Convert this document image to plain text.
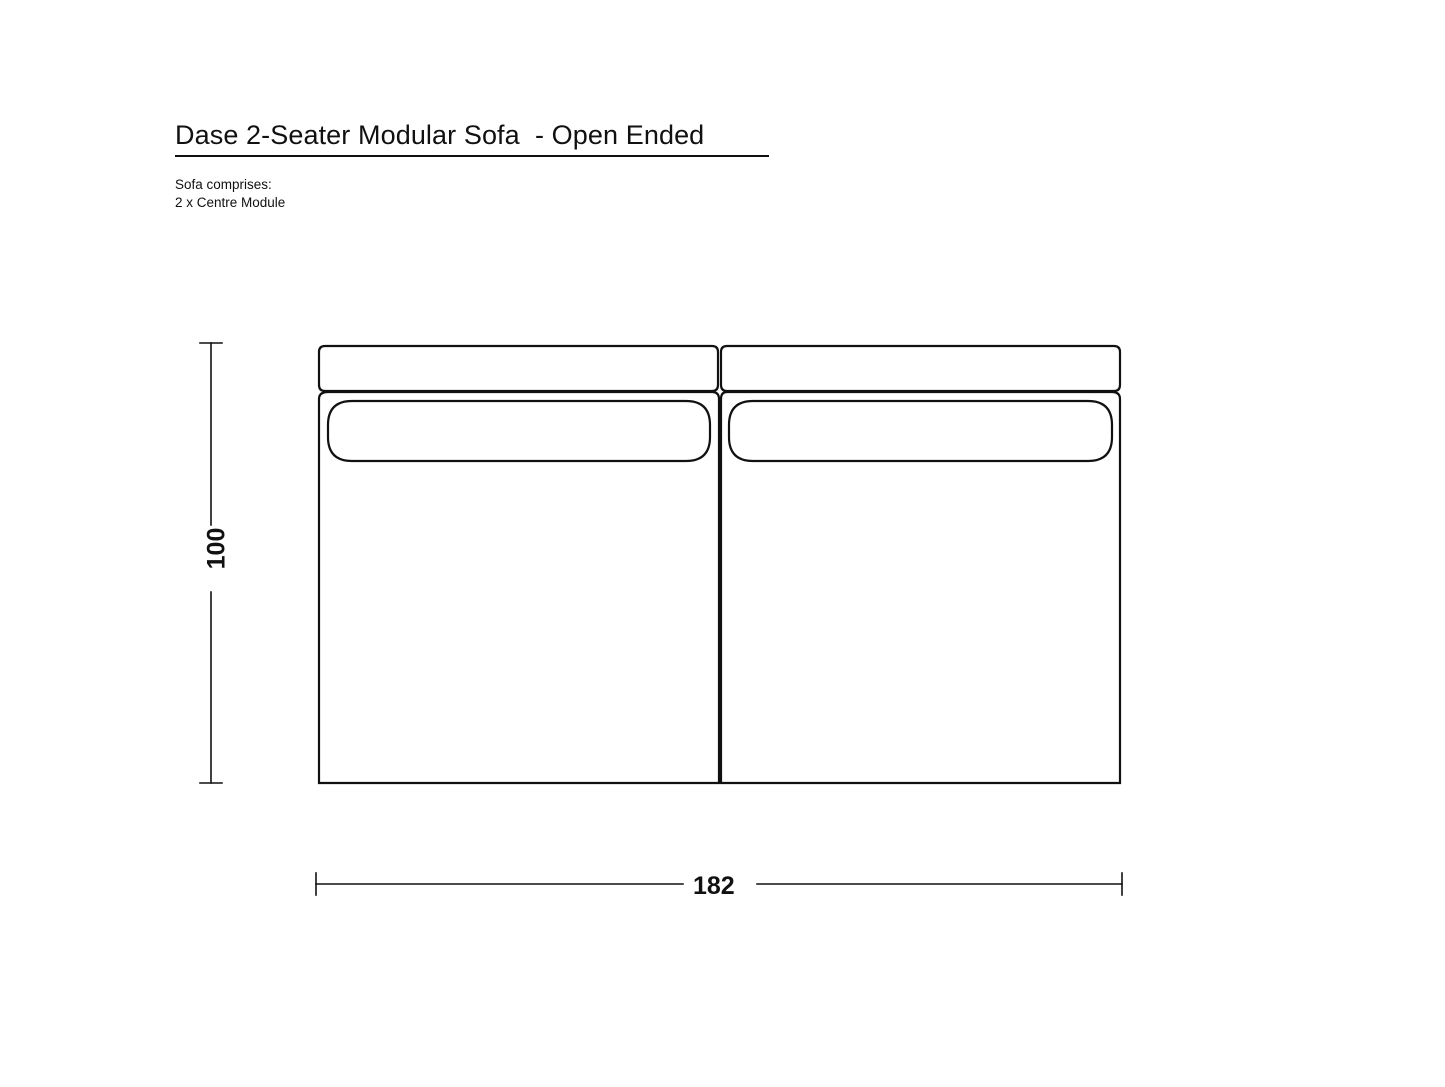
Dase 2-Seater Modular Sofa  - Open Ended
Sofa comprises:
2 x Centre Module
100
182
